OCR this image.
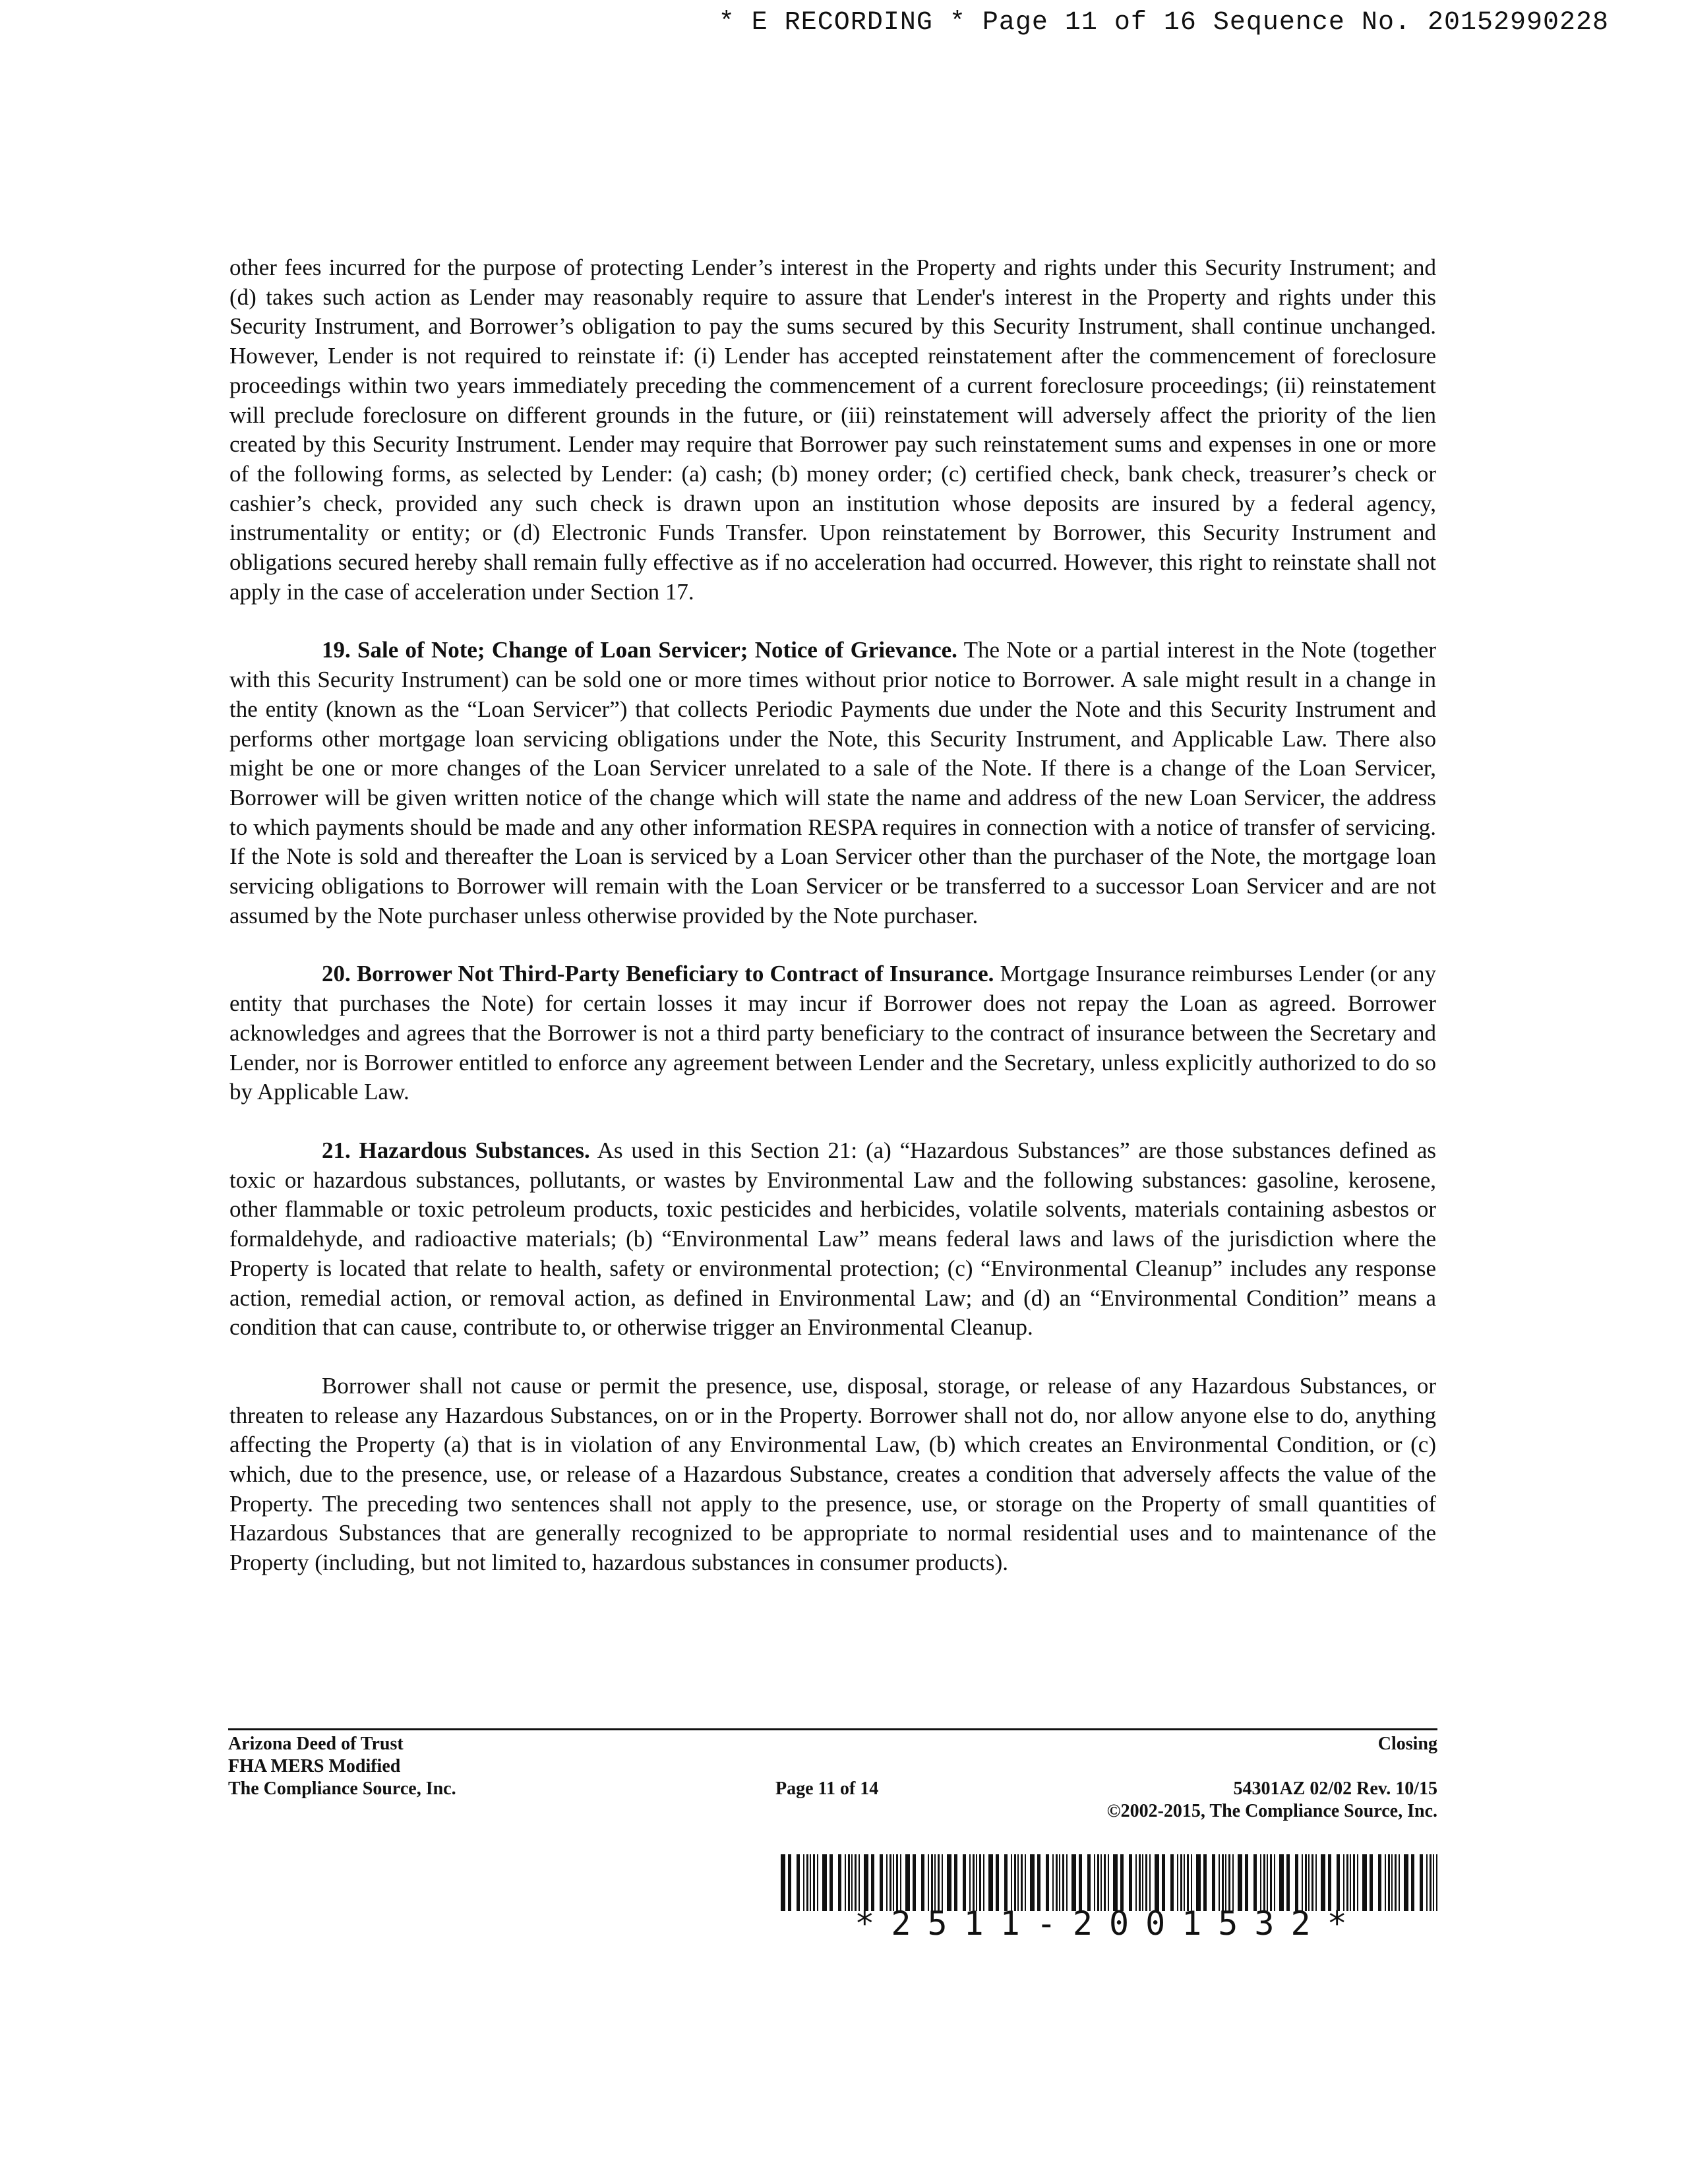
* E RECORDING * Page 11 of 16 Sequence No. 20152990228

other fees incurred for the purpose of protecting Lender’s interest in the Property and rights under this Security Instrument; and (d) takes such action as Lender may reasonably require to assure that Lender's interest in the Property and rights under this Security Instrument, and Borrower’s obligation to pay the sums secured by this Security Instrument, shall continue unchanged. However, Lender is not required to reinstate if: (i) Lender has accepted reinstatement after the commencement of foreclosure proceedings within two years immediately preceding the commencement of a current foreclosure proceedings; (ii) reinstatement will preclude foreclosure on different grounds in the future, or (iii) reinstatement will adversely affect the priority of the lien created by this Security Instrument. Lender may require that Borrower pay such reinstatement sums and expenses in one or more of the following forms, as selected by Lender: (a) cash; (b) money order; (c) certified check, bank check, treasurer’s check or cashier’s check, provided any such check is drawn upon an institution whose deposits are insured by a federal agency, instrumentality or entity; or (d) Electronic Funds Transfer. Upon reinstatement by Borrower, this Security Instrument and obligations secured hereby shall remain fully effective as if no acceleration had occurred. However, this right to reinstate shall not apply in the case of acceleration under Section 17.

19. Sale of Note; Change of Loan Servicer; Notice of Grievance. The Note or a partial interest in the Note (together with this Security Instrument) can be sold one or more times without prior notice to Borrower. A sale might result in a change in the entity (known as the “Loan Servicer”) that collects Periodic Payments due under the Note and this Security Instrument and performs other mortgage loan servicing obligations under the Note, this Security Instrument, and Applicable Law. There also might be one or more changes of the Loan Servicer unrelated to a sale of the Note. If there is a change of the Loan Servicer, Borrower will be given written notice of the change which will state the name and address of the new Loan Servicer, the address to which payments should be made and any other information RESPA requires in connection with a notice of transfer of servicing. If the Note is sold and thereafter the Loan is serviced by a Loan Servicer other than the purchaser of the Note, the mortgage loan servicing obligations to Borrower will remain with the Loan Servicer or be transferred to a successor Loan Servicer and are not assumed by the Note purchaser unless otherwise provided by the Note purchaser.

20. Borrower Not Third-Party Beneficiary to Contract of Insurance. Mortgage Insurance reimburses Lender (or any entity that purchases the Note) for certain losses it may incur if Borrower does not repay the Loan as agreed. Borrower acknowledges and agrees that the Borrower is not a third party beneficiary to the contract of insurance between the Secretary and Lender, nor is Borrower entitled to enforce any agreement between Lender and the Secretary, unless explicitly authorized to do so by Applicable Law.

21. Hazardous Substances. As used in this Section 21: (a) “Hazardous Substances” are those substances defined as toxic or hazardous substances, pollutants, or wastes by Environmental Law and the following substances: gasoline, kerosene, other flammable or toxic petroleum products, toxic pesticides and herbicides, volatile solvents, materials containing asbestos or formaldehyde, and radioactive materials; (b) “Environmental Law” means federal laws and laws of the jurisdiction where the Property is located that relate to health, safety or environmental protection; (c) “Environmental Cleanup” includes any response action, remedial action, or removal action, as defined in Environmental Law; and (d) an “Environmental Condition” means a condition that can cause, contribute to, or otherwise trigger an Environmental Cleanup.

Borrower shall not cause or permit the presence, use, disposal, storage, or release of any Hazardous Substances, or threaten to release any Hazardous Substances, on or in the Property. Borrower shall not do, nor allow anyone else to do, anything affecting the Property (a) that is in violation of any Environmental Law, (b) which creates an Environmental Condition, or (c) which, due to the presence, use, or release of a Hazardous Substance, creates a condition that adversely affects the value of the Property. The preceding two sentences shall not apply to the presence, use, or storage on the Property of small quantities of Hazardous Substances that are generally recognized to be appropriate to normal residential uses and to maintenance of the Property (including, but not limited to, hazardous substances in consumer products).

Arizona Deed of Trust
FHA MERS Modified
The Compliance Source, Inc.	Page 11 of 14
Closing
54301AZ 02/02 Rev. 10/15
©2002-2015, The Compliance Source, Inc.
*2511-2001532*
